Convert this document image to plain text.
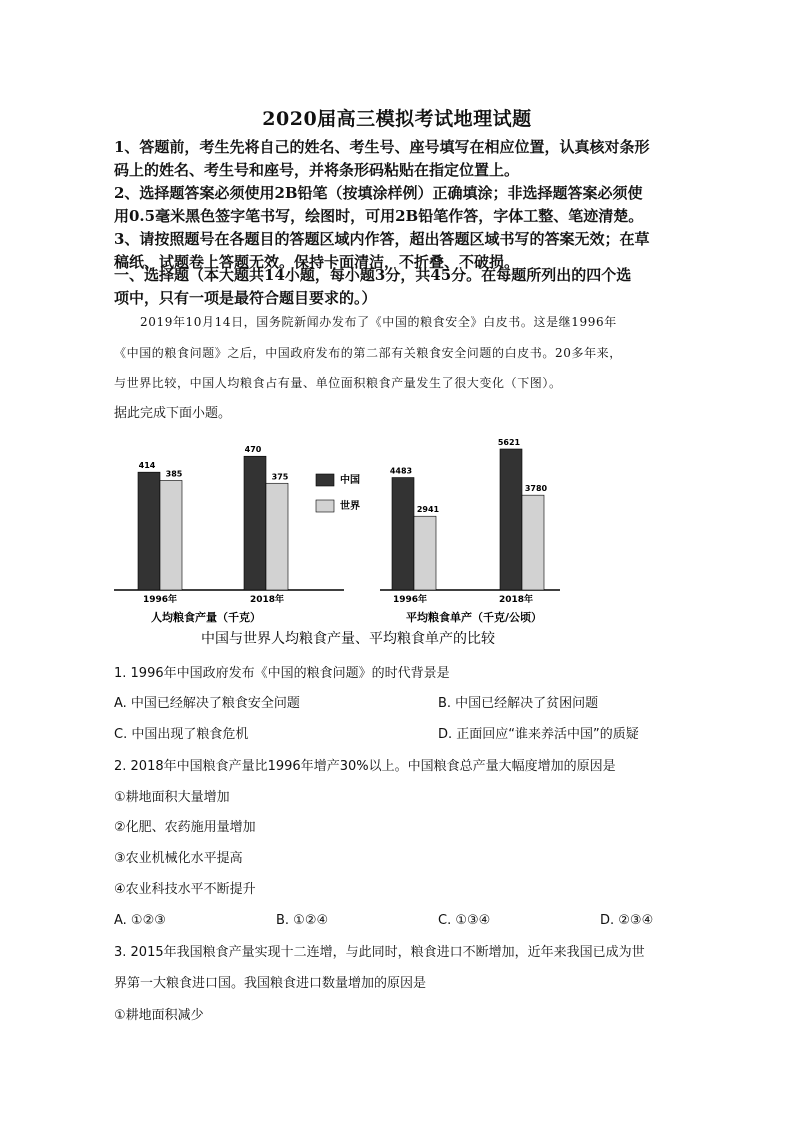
2020届高三模拟考试地理试题
1、答题前，考生先将自己的姓名、考生号、座号填写在相应位置，认真核对条形
码上的姓名、考生号和座号，并将条形码粘贴在指定位置上。
2、选择题答案必须使用2B铅笔（按填涂样例）正确填涂；非选择题答案必须使
用0.5毫米黑色签字笔书写，绘图时，可用2B铅笔作答，字体工整、笔迹清楚。
3、请按照题号在各题目的答题区域内作答，超出答题区域书写的答案无效；在草
稿纸、试题卷上答题无效。保持卡面清洁，不折叠、不破损。
一、选择题（本大题共14小题，每小题3分，共45分。在每题所列出的四个选
项中，只有一项是最符合题目要求的。）
2019年10月14日，国务院新闻办发布了《中国的粮食安全》白皮书。这是继1996年
《中国的粮食问题》之后，中国政府发布的第二部有关粮食安全问题的白皮书。20多年来，
与世界比较，中国人均粮食占有量、单位面积粮食产量发生了很大变化（下图）。
据此完成下面小题。
1996年	2018年	1996年	2018年
人均粮食产量（千克）	平均粮食单产（千克/公顷）
中国与世界人均粮食产量、平均粮食单产的比较
中国
世界
414
385
470
375
4483
2941
5621
3780
1. 1996年中国政府发布《中国的粮食问题》的时代背景是
A. 中国已经解决了粮食安全问题	B. 中国已经解决了贫困问题
C. 中国出现了粮食危机	D. 正面回应“谁来养活中国”的质疑
2. 2018年中国粮食产量比1996年增产30%以上。中国粮食总产量大幅度增加的原因是
①耕地面积大量增加
②化肥、农药施用量增加
③农业机械化水平提高
④农业科技水平不断提升
A. ①②③	B. ①②④	C. ①③④	D. ②③④
3. 2015年我国粮食产量实现十二连增，与此同时，粮食进口不断增加，近年来我国已成为世
界第一大粮食进口国。我国粮食进口数量增加的原因是
①耕地面积减少
